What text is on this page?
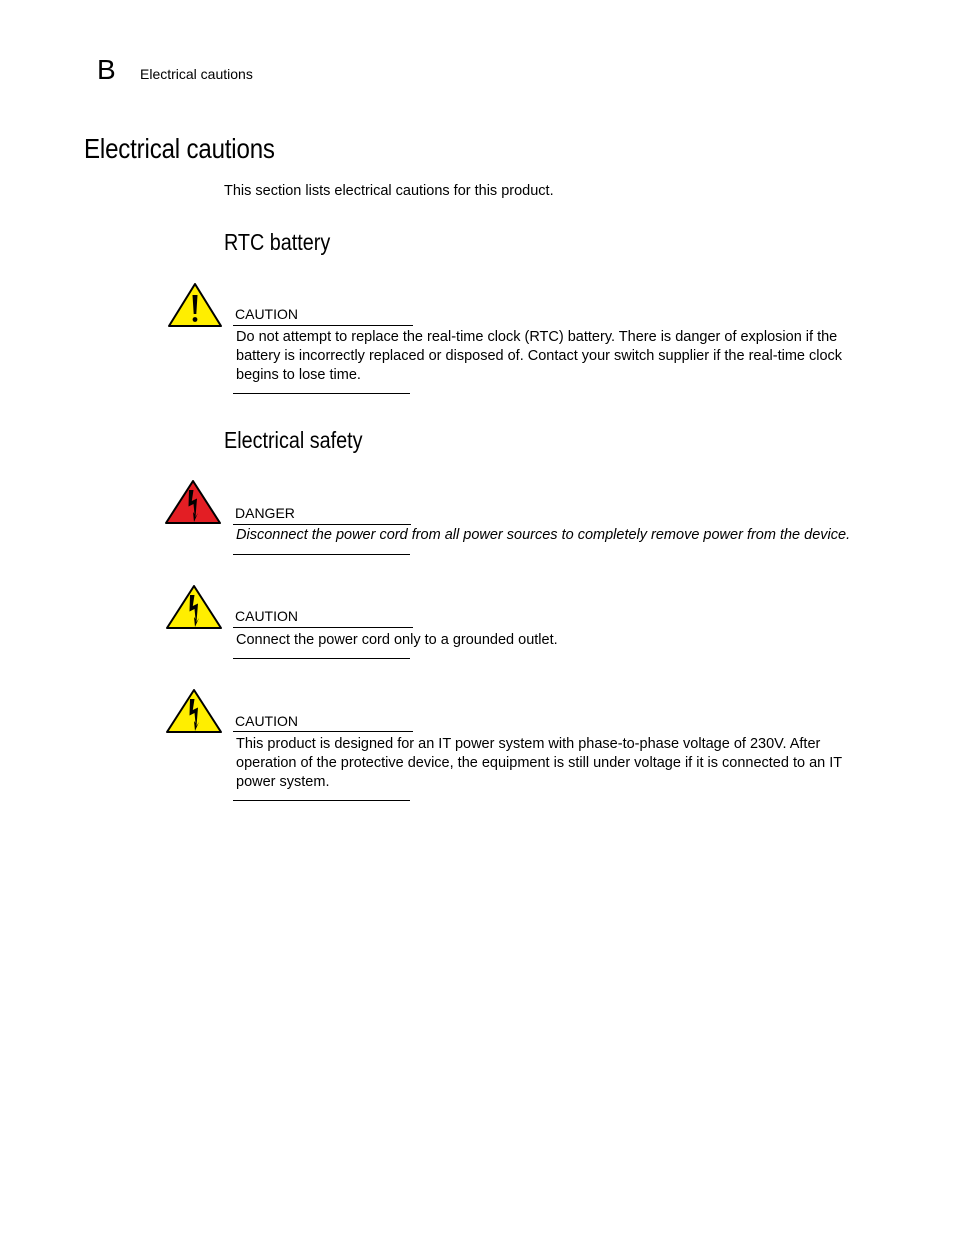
B Electrical cautions
Electrical cautions
This section lists electrical cautions for this product.
RTC battery
CAUTION
Do not attempt to replace the real-time clock (RTC) battery. There is danger of explosion if the battery is incorrectly replaced or disposed of. Contact your switch supplier if the real-time clock begins to lose time.
Electrical safety
DANGER
Disconnect the power cord from all power sources to completely remove power from the device.
CAUTION
Connect the power cord only to a grounded outlet.
CAUTION
This product is designed for an IT power system with phase-to-phase voltage of 230V. After operation of the protective device, the equipment is still under voltage if it is connected to an IT power system.
